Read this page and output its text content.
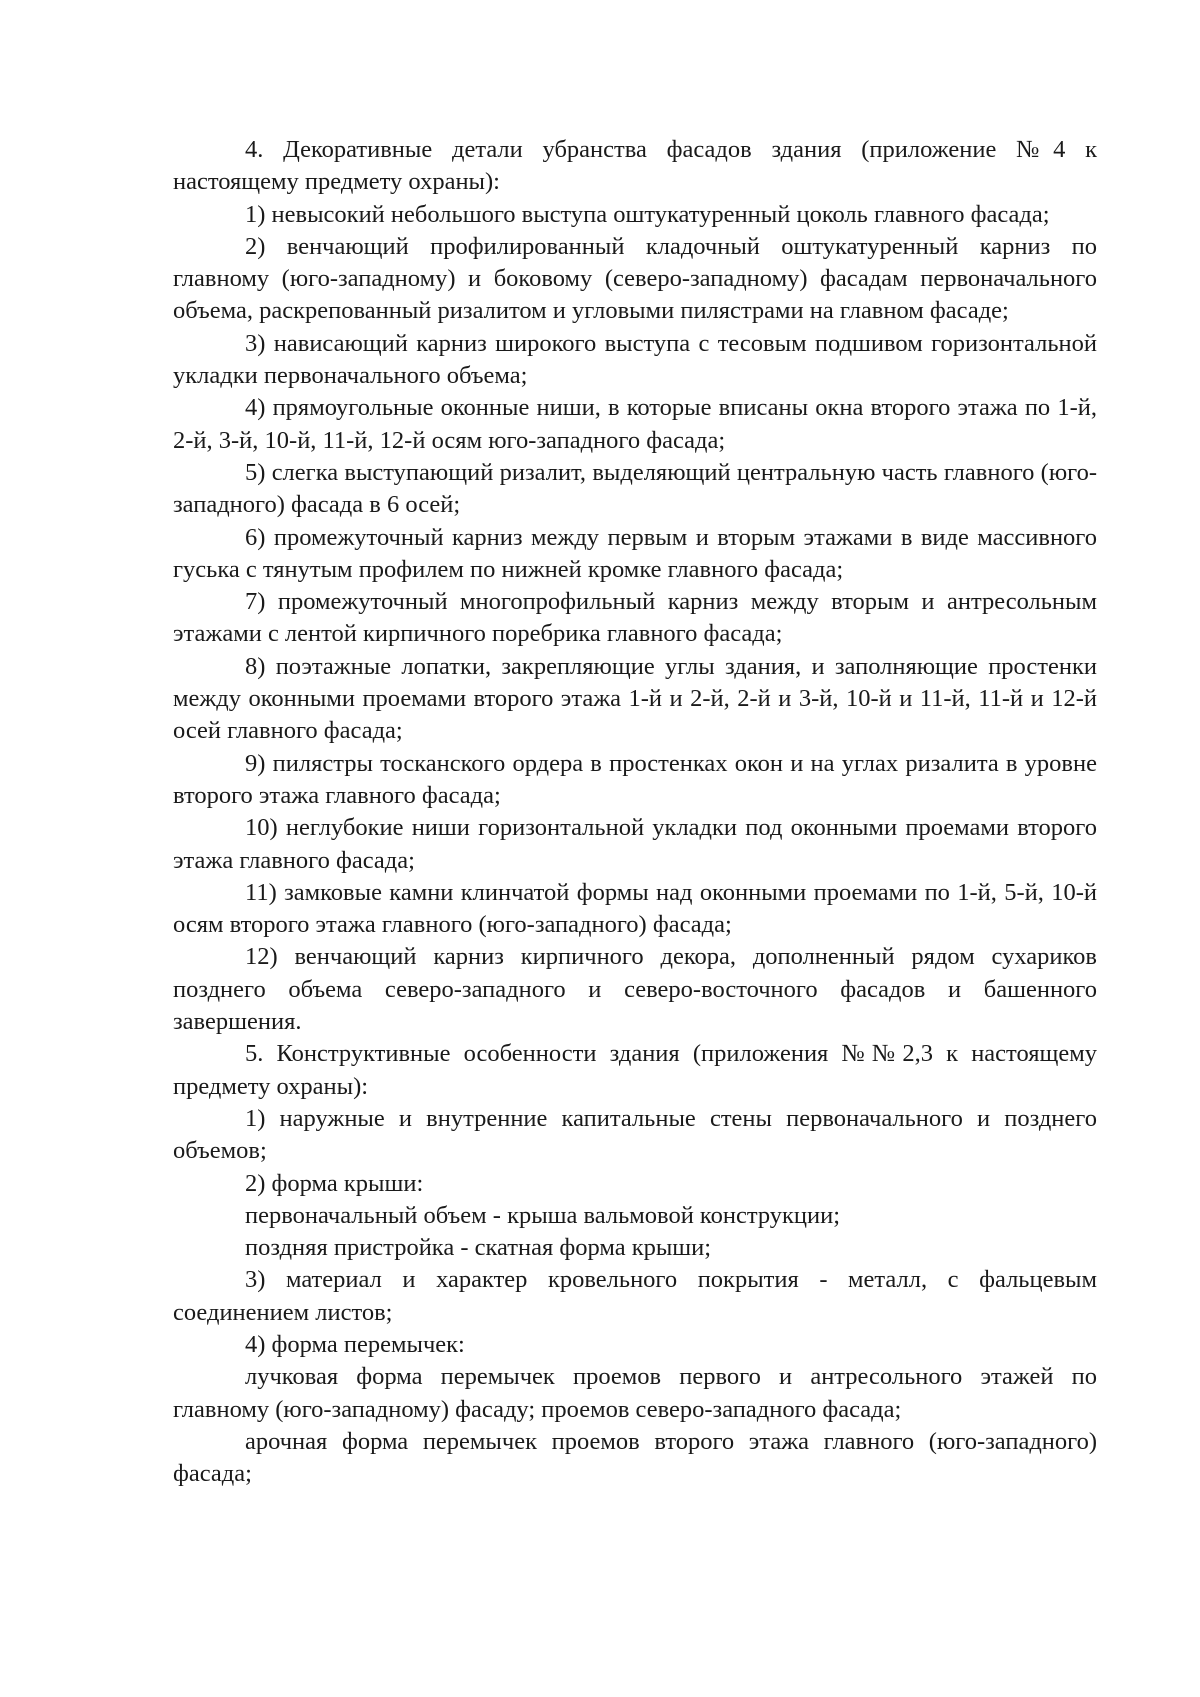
4. Декоративные детали убранства фасадов здания (приложение №4 к настоящему предмету охраны):

1) невысокий небольшого выступа оштукатуренный цоколь главного фасада;

2) венчающий профилированный кладочный оштукатуренный карниз по главному (юго-западному) и боковому (северо-западному) фасадам первоначального объема, раскрепованный ризалитом и угловыми пилястрами на главном фасаде;

3) нависающий карниз широкого выступа с тесовым подшивом горизонтальной укладки первоначального объема;

4) прямоугольные оконные ниши, в которые вписаны окна второго этажа по 1-й, 2-й, 3-й, 10-й, 11-й, 12-й осям юго-западного фасада;

5) слегка выступающий ризалит, выделяющий центральную часть главного (юго-западного) фасада в 6 осей;

6) промежуточный карниз между первым и вторым этажами в виде массивного гуська с тянутым профилем по нижней кромке главного фасада;

7) промежуточный многопрофильный карниз между вторым и антресольным этажами с лентой кирпичного поребрика главного фасада;

8) поэтажные лопатки, закрепляющие углы здания, и заполняющие простенки между оконными проемами второго этажа 1-й и 2-й, 2-й и 3-й, 10-й и 11-й, 11-й и 12-й осей главного фасада;

9) пилястры тосканского ордера в простенках окон и на углах ризалита в уровне второго этажа главного фасада;

10) неглубокие ниши горизонтальной укладки под оконными проемами второго этажа главного фасада;

11) замковые камни клинчатой формы над оконными проемами по 1-й, 5-й, 10-й осям второго этажа главного (юго-западного) фасада;

12) венчающий карниз кирпичного декора, дополненный рядом сухариков позднего объема северо-западного и северо-восточного фасадов и башенного завершения.

5. Конструктивные особенности здания (приложения №№2,3 к настоящему предмету охраны):

1) наружные и внутренние капитальные стены первоначального и позднего объемов;

2) форма крыши:

первоначальный объем - крыша вальмовой конструкции;

поздняя пристройка - скатная форма крыши;

3) материал и характер кровельного покрытия - металл, с фальцевым соединением листов;

4) форма перемычек:

лучковая форма перемычек проемов первого и антресольного этажей по главному (юго-западному) фасаду; проемов северо-западного фасада;

арочная форма перемычек проемов второго этажа главного (юго-западного) фасада;
